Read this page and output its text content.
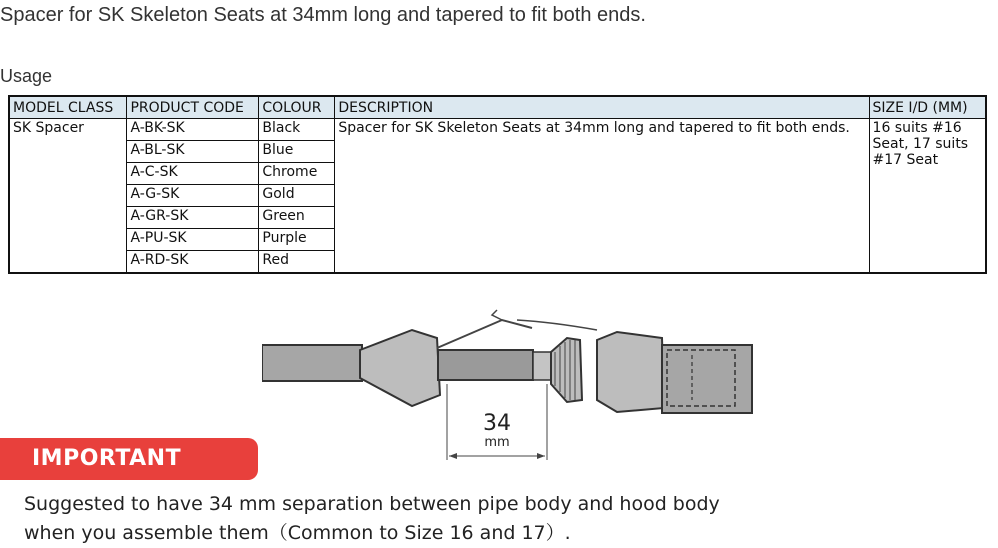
Spacer for SK Skeleton Seats at 34mm long and tapered to fit both ends.

Usage
MODEL CLASS	PRODUCT CODE	COLOUR	DESCRIPTION	SIZE I/D (MM)
SK Spacer	A-BK-SK	Black	Spacer for SK Skeleton Seats at 34mm long and tapered to fit both ends.	16 suits #16 Seat, 17 suits #17 Seat
	A-BL-SK	Blue		
	A-C-SK	Chrome		
	A-G-SK	Gold		
	A-GR-SK	Green		
	A-PU-SK	Purple		
	A-RD-SK	Red		
34
mm
IMPORTANT

Suggested to have 34 mm separation between pipe body and hood body
when you assemble them（Common to Size 16 and 17）.
